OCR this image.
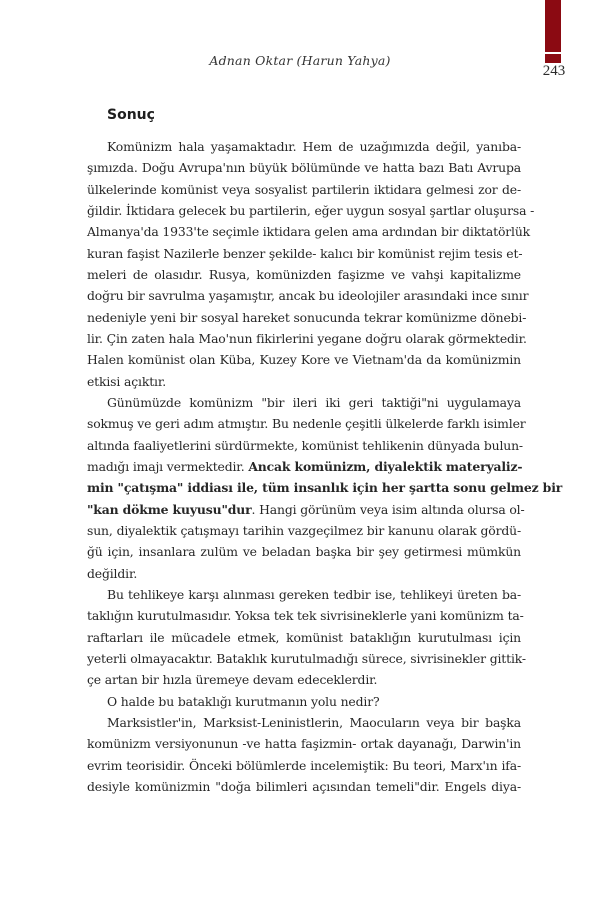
243
Adnan Oktar (Harun Yahya)
Sonuç
Komünizm hala yaşamaktadır. Hem de uzağımızda değil, yanıba-
şımızda. Doğu Avrupa'nın büyük bölümünde ve hatta bazı Batı Avrupa
ülkelerinde komünist veya sosyalist partilerin iktidara gelmesi zor de-
ğildir. İktidara gelecek bu partilerin, eğer uygun sosyal şartlar oluşursa -
Almanya'da 1933'te seçimle iktidara gelen ama ardından bir diktatörlük
kuran faşist Nazilerle benzer şekilde- kalıcı bir komünist rejim tesis et-
meleri de olasıdır. Rusya, komünizden faşizme ve vahşi kapitalizme
doğru bir savrulma yaşamıştır, ancak bu ideolojiler arasındaki ince sınır
nedeniyle yeni bir sosyal hareket sonucunda tekrar komünizme dönebi-
lir. Çin zaten hala Mao'nun fikirlerini yegane doğru olarak görmektedir.
Halen komünist olan Küba, Kuzey Kore ve Vietnam'da da komünizmin
etkisi açıktır.
Günümüzde komünizm "bir ileri iki geri taktiği"ni uygulamaya
sokmuş ve geri adım atmıştır. Bu nedenle çeşitli ülkelerde farklı isimler
altında faaliyetlerini sürdürmekte, komünist tehlikenin dünyada bulun-
madığı imajı vermektedir. Ancak komünizm, diyalektik materyaliz-
min "çatışma" iddiası ile, tüm insanlık için her şartta sonu gelmez bir
"kan dökme kuyusu"dur. Hangi görünüm veya isim altında olursa ol-
sun, diyalektik çatışmayı tarihin vazgeçilmez bir kanunu olarak gördü-
ğü için, insanlara zulüm ve beladan başka bir şey getirmesi mümkün
değildir.
Bu tehlikeye karşı alınması gereken tedbir ise, tehlikeyi üreten ba-
taklığın kurutulmasıdır. Yoksa tek tek sivrisineklerle yani komünizm ta-
raftarları ile mücadele etmek, komünist bataklığın kurutulması için
yeterli olmayacaktır. Bataklık kurutulmadığı sürece, sivrisinekler gittik-
çe artan bir hızla üremeye devam edeceklerdir.
O halde bu bataklığı kurutmanın yolu nedir?
Marksistler'in, Marksist-Leninistlerin, Maocuların veya bir başka
komünizm versiyonunun -ve hatta faşizmin- ortak dayanağı, Darwin'in
evrim teorisidir. Önceki bölümlerde incelemiştik: Bu teori, Marx'ın ifa-
desiyle komünizmin "doğa bilimleri açısından temeli"dir. Engels diya-
